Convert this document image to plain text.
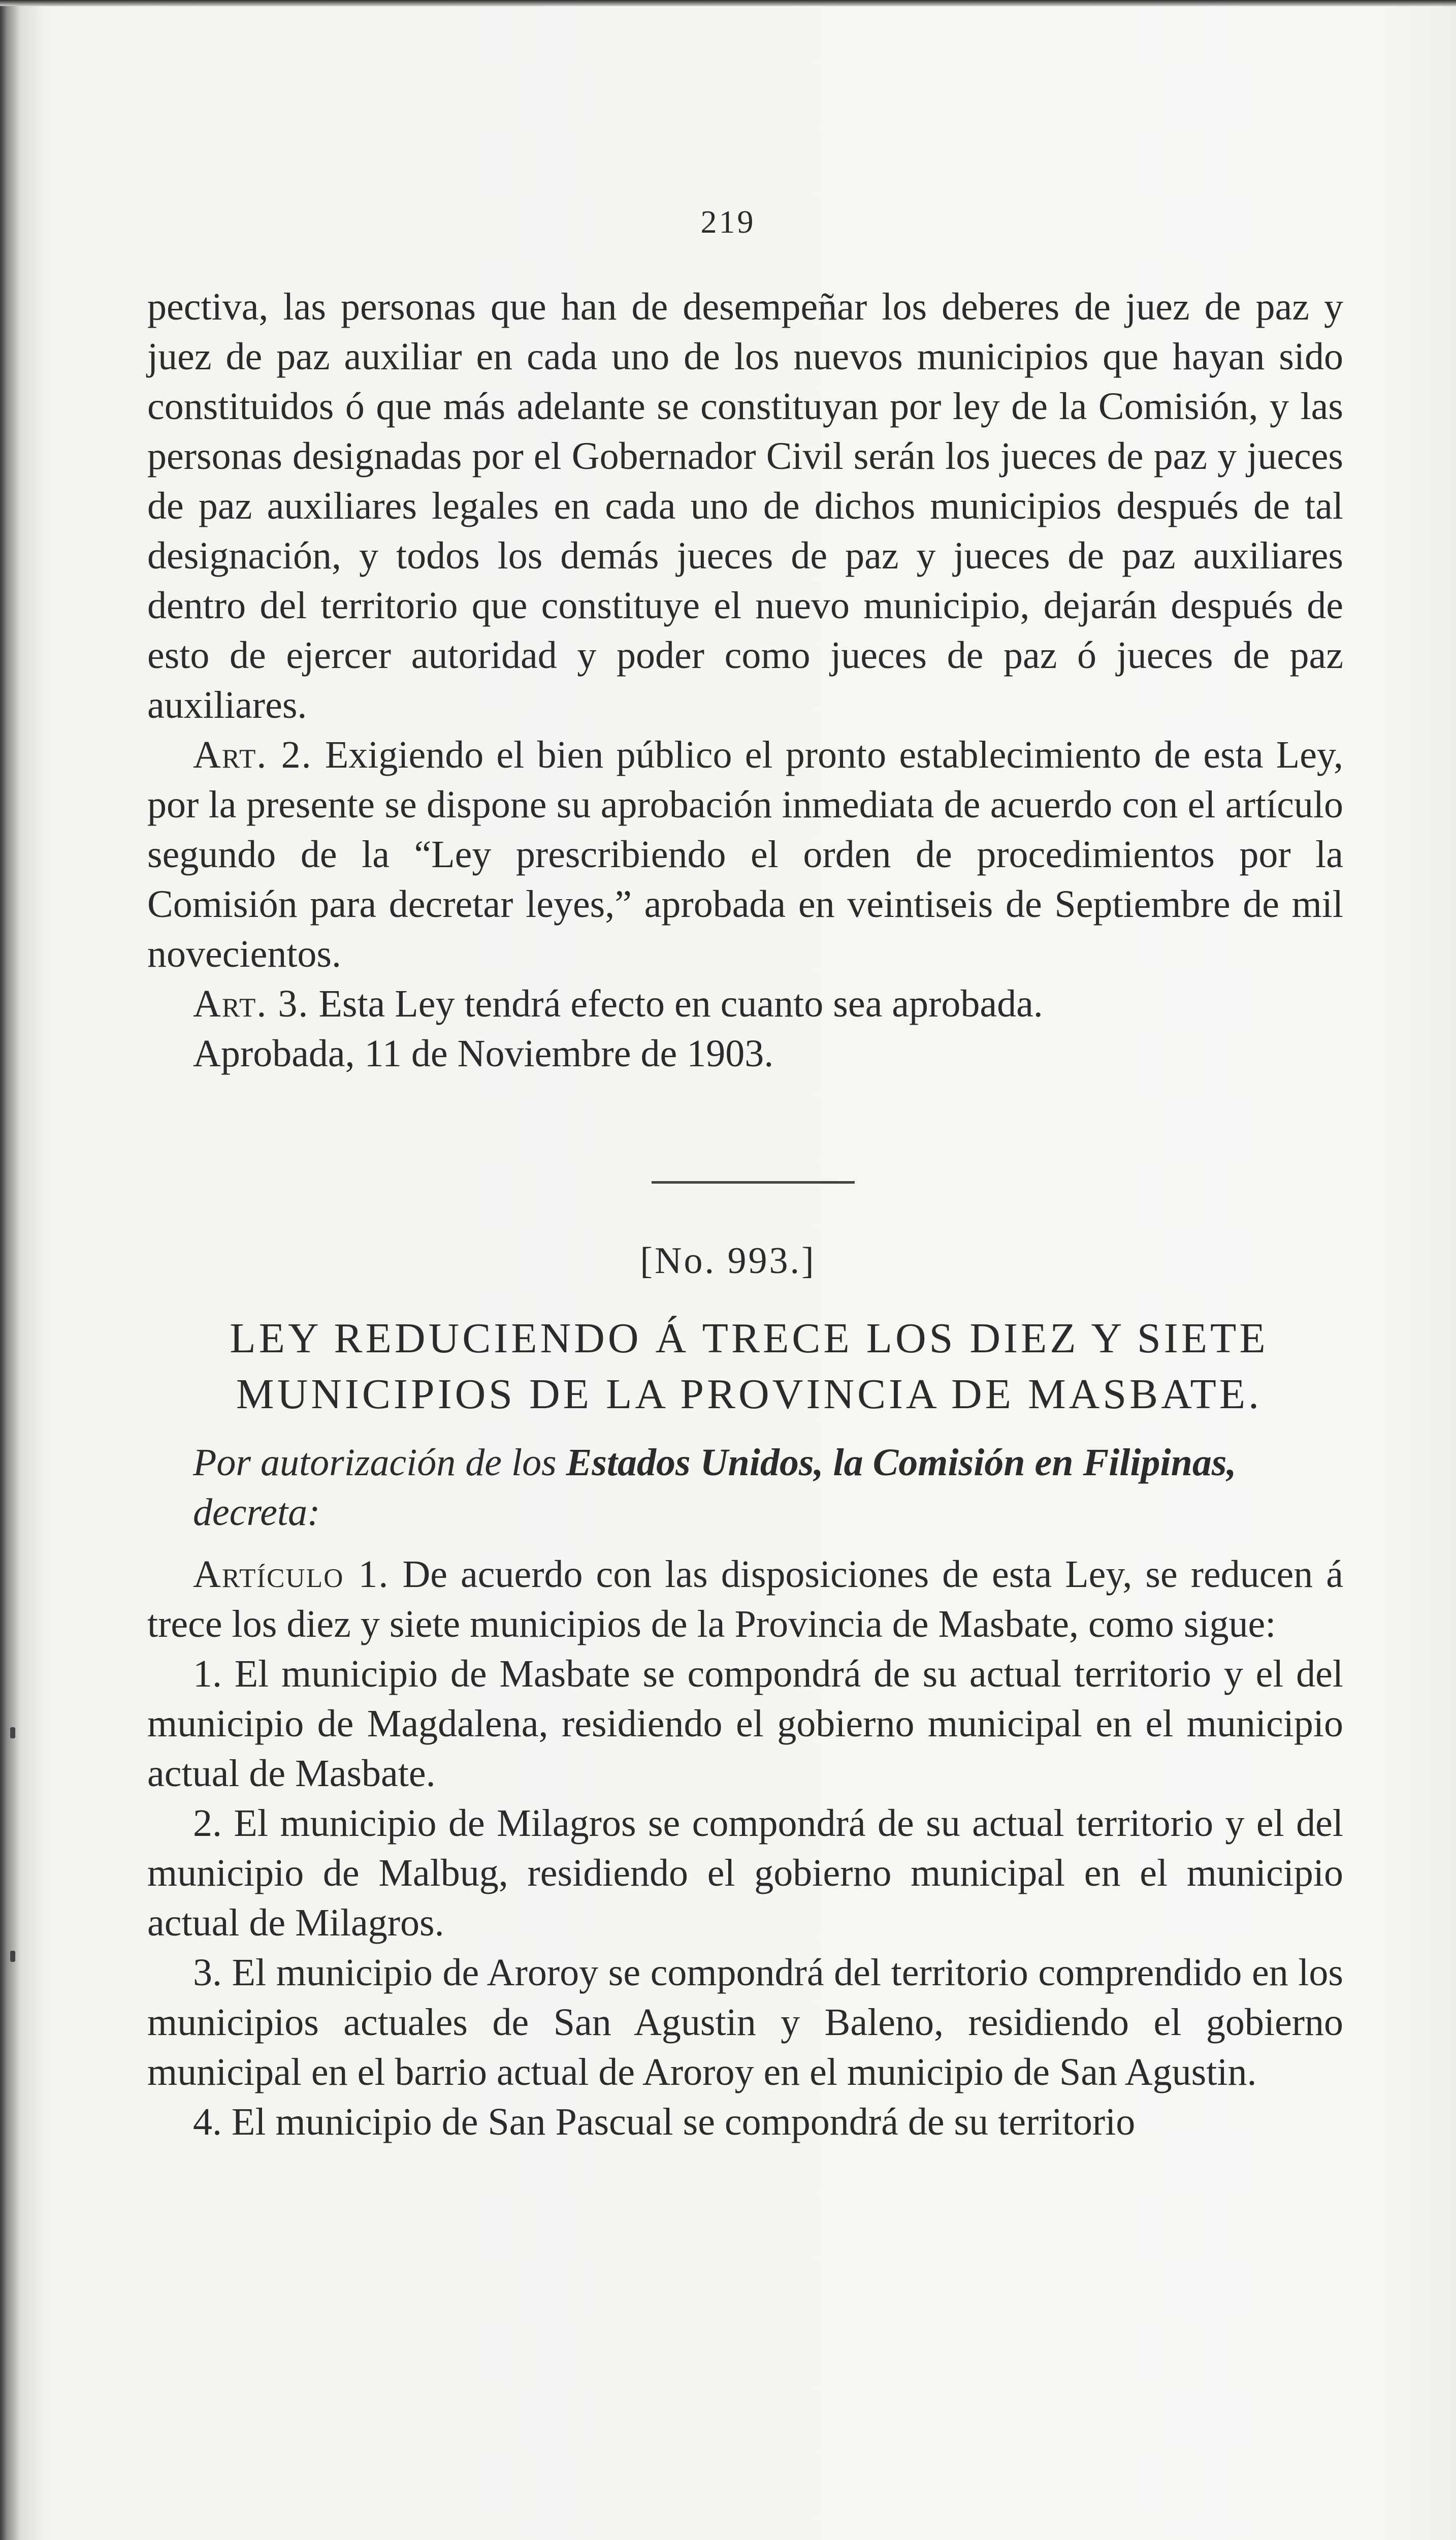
219

pectiva, las personas que han de desempeñar los deberes de juez de paz y juez de paz auxiliar en cada uno de los nuevos municipios que hayan sido constituidos ó que más adelante se constituyan por ley de la Comisión, y las personas designadas por el Gobernador Civil serán los jueces de paz y jueces de paz auxiliares legales en cada uno de dichos municipios después de tal designación, y todos los demás jueces de paz y jueces de paz auxiliares dentro del territorio que constituye el nuevo municipio, dejarán después de esto de ejercer autoridad y poder como jueces de paz ó jueces de paz auxiliares.

Art. 2. Exigiendo el bien público el pronto establecimiento de esta Ley, por la presente se dispone su aprobación inmediata de acuerdo con el artículo segundo de la “Ley prescribiendo el orden de procedimientos por la Comisión para decretar leyes,” aprobada en veintiseis de Septiembre de mil novecientos.

Art. 3. Esta Ley tendrá efecto en cuanto sea aprobada.

Aprobada, 11 de Noviembre de 1903.

[No. 993.]
LEY REDUCIENDO Á TRECE LOS DIEZ Y SIETE MUNICIPIOS DE LA PROVINCIA DE MASBATE.
Por autorización de los Estados Unidos, la Comisión en Filipinas, decreta:

Artículo 1. De acuerdo con las disposiciones de esta Ley, se reducen á trece los diez y siete municipios de la Provincia de Masbate, como sigue:

1. El municipio de Masbate se compondrá de su actual territorio y el del municipio de Magdalena, residiendo el gobierno municipal en el municipio actual de Masbate.

2. El municipio de Milagros se compondrá de su actual territorio y el del municipio de Malbug, residiendo el gobierno municipal en el municipio actual de Milagros.

3. El municipio de Aroroy se compondrá del territorio comprendido en los municipios actuales de San Agustin y Baleno, residiendo el gobierno municipal en el barrio actual de Aroroy en el municipio de San Agustin.

4. El municipio de San Pascual se compondrá de su territorio
